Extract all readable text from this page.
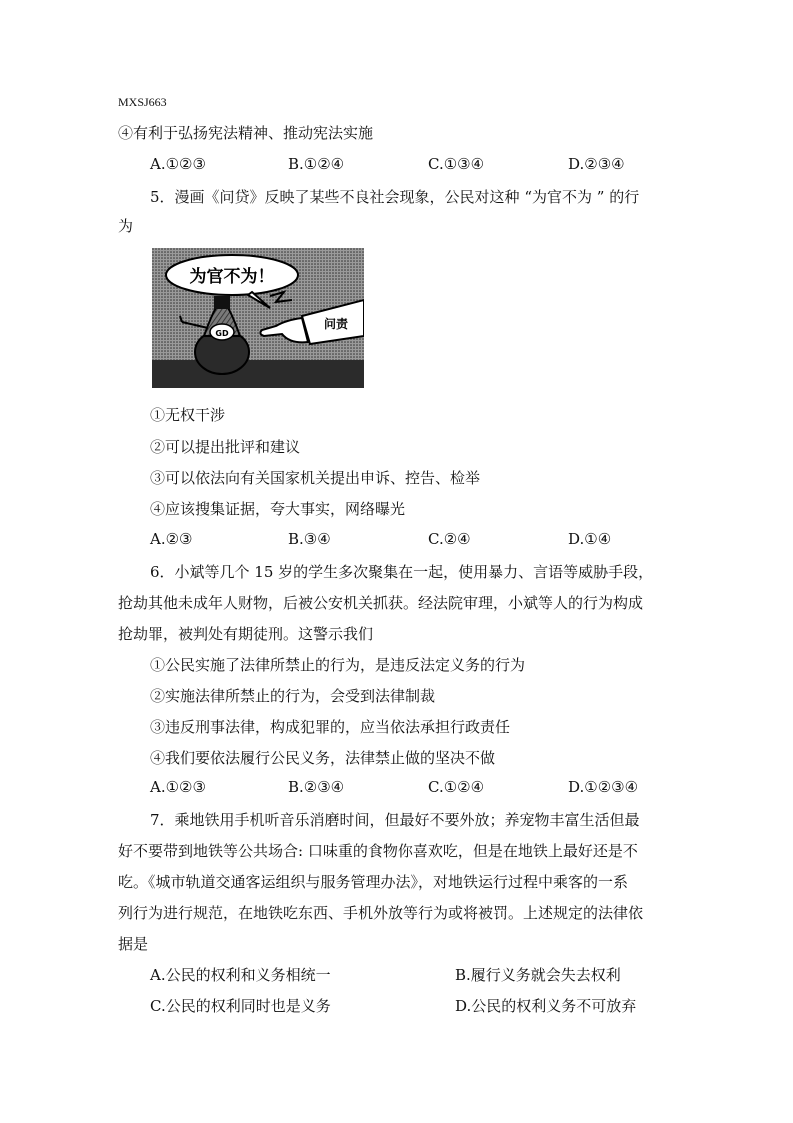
MXSJ663
④有利于弘扬宪法精神、推动宪法实施
A.①②③	B.①②④	C.①③④	D.②③④
5．漫画《问贷》反映了某些不良社会现象，公民对这种 “为官不为 ” 的行
为
为官不为！
GD
问责
①无权干涉
②可以提出批评和建议
③可以依法向有关国家机关提出申诉、控告、检举
④应该搜集证据，夸大事实，网络曝光
A.②③	B.③④	C.②④	D.①④
6．小斌等几个 15 岁的学生多次聚集在一起，使用暴力、言语等威胁手段，
抢劫其他未成年人财物，后被公安机关抓获。经法院审理，小斌等人的行为构成
抢劫罪，被判处有期徒刑。这警示我们
①公民实施了法律所禁止的行为，是违反法定义务的行为
②实施法律所禁止的行为，会受到法律制裁
③违反刑事法律，构成犯罪的，应当依法承担行政责任
④我们要依法履行公民义务，法律禁止做的坚决不做
A.①②③	B.②③④	C.①②④	D.①②③④
7．乘地铁用手机听音乐消磨时间，但最好不要外放；养宠物丰富生活但最
好不要带到地铁等公共场合: 口味重的食物你喜欢吃，但是在地铁上最好还是不
吃。《城市轨道交通客运组织与服务管理办法》，对地铁运行过程中乘客的一系
列行为进行规范，在地铁吃东西、手机外放等行为或将被罚。上述规定的法律依
据是
A.公民的权利和义务相统一	B.履行义务就会失去权利
C.公民的权利同时也是义务	D.公民的权利义务不可放弃
